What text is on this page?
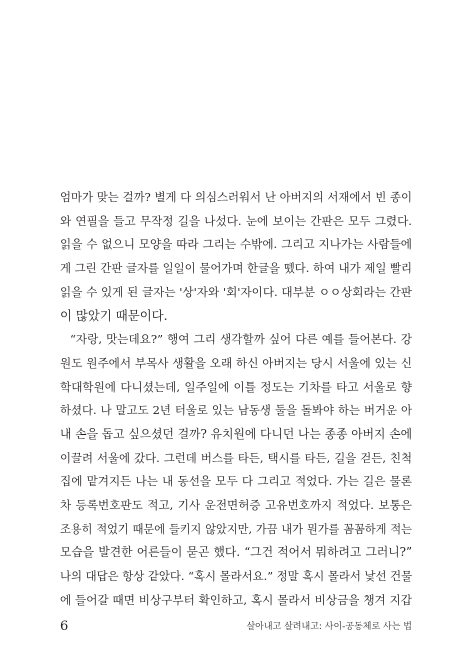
엄마가 맞는 걸까? 별게 다 의심스러워서 난 아버지의 서재에서 빈 종이
와 연필을 들고 무작정 길을 나섰다. 눈에 보이는 간판은 모두 그렸다.
읽을 수 없으니 모양을 따라 그리는 수밖에. 그리고 지나가는 사람들에
게 그린 간판 글자를 일일이 물어가며 한글을 뗐다. 하여 내가 제일 빨리
읽을 수 있게 된 글자는 '상'자와 '회'자이다. 대부분 ㅇㅇ상회라는 간판
이 많았기 때문이다.
“자랑, 맛는데요?” 행여 그리 생각할까 싶어 다른 예를 들어본다. 강
원도 원주에서 부목사 생활을 오래 하신 아버지는 당시 서울에 있는 신
학대학원에 다니셨는데, 일주일에 이틀 정도는 기차를 타고 서울로 향
하셨다. 나 말고도 2년 터울로 있는 남동생 둘을 돌봐야 하는 버거운 아
내 손을 돕고 싶으셨던 걸까? 유치원에 다니던 나는 종종 아버지 손에
이끌려 서울에 갔다. 그런데 버스를 타든, 택시를 타든, 길을 걷든, 친척
집에 맡겨지든 나는 내 동선을 모두 다 그리고 적었다. 가는 길은 물론
차 등록번호판도 적고, 기사 운전면허증 고유번호까지 적었다. 보통은
조용히 적었기 때문에 들키지 않았지만, 가끔 내가 뭔가를 꼼꼼하게 적는
모습을 발견한 어른들이 묻곤 했다. “그건 적어서 뭐하려고 그러니?”
나의 대답은 항상 같았다. “혹시 몰라서요.” 정말 혹시 몰라서 낯선 건물
에 들어갈 때면 비상구부터 확인하고, 혹시 몰라서 비상금을 챙겨 지갑
6	살아내고 살려내고: 사이-공동체로 사는 법
